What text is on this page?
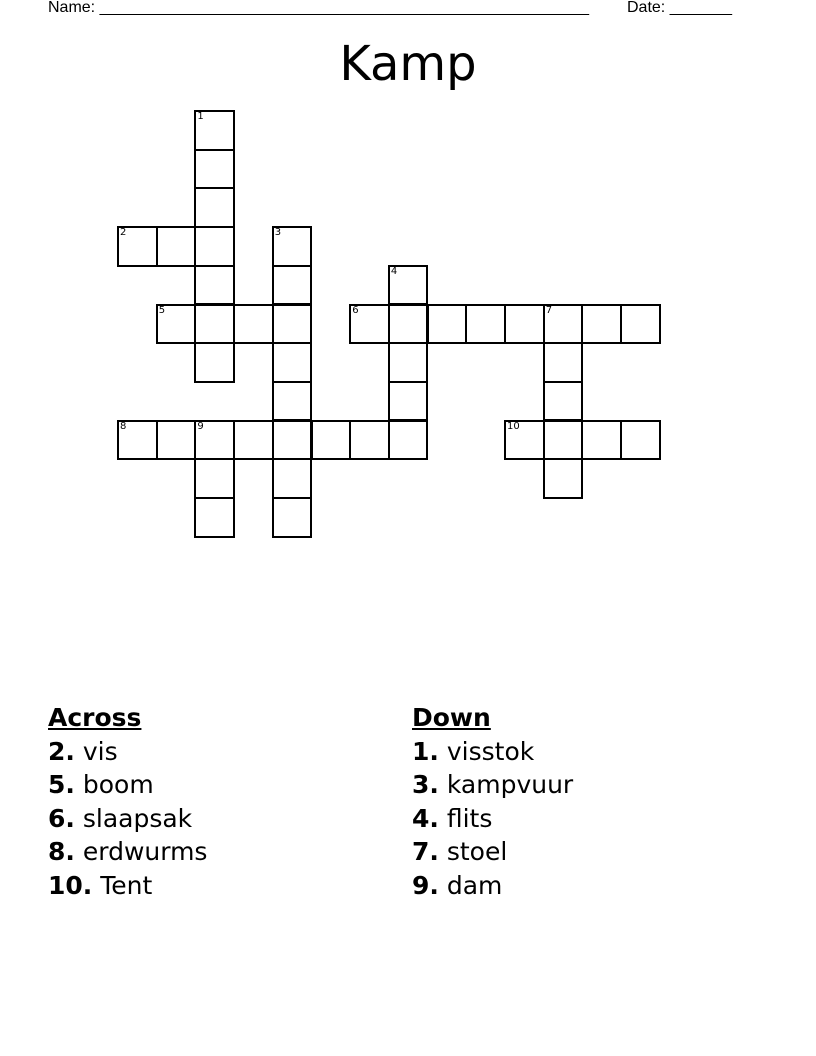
Name: _______________________________________________________ Date: _______
Kamp
1
2	3
4
5	6	7
8	9	10
Across
2. vis
5. boom
6. slaapsak
8. erdwurms
10. Tent
Down
1. visstok
3. kampvuur
4. flits
7. stoel
9. dam
